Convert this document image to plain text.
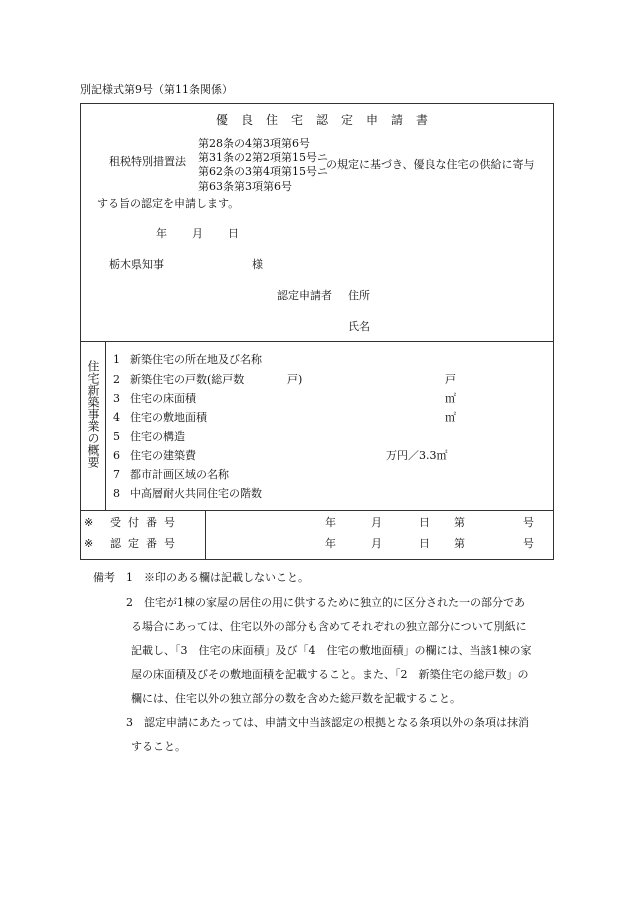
別記様式第9号（第11条関係）
優良住宅認定申請書
租税特別措置法
第28条の4第3項第6号
第31条の2第2項第15号ニ
第62条の3第4項第15号ニ
第63条第3項第6号
の規定に基づき、優良な住宅の供給に寄与
する旨の認定を申請します。
年 月 日
栃木県知事	様
認定申請者 住所
氏名
住宅新築事業の概要
1 新築住宅の所在地及び名称
2 新築住宅の戸数(総戸数	戸)	戸
3 住宅の床面積	㎡
4 住宅の敷地面積	㎡
5 住宅の構造
6 住宅の建築費	万円／3.3㎡
7 都市計画区域の名称
8 中高層耐火共同住宅の階数
※ 受付番号	年	月	日 第	号
※ 認定番号	年	月	日 第	号
備考 1 ※印のある欄は記載しないこと。
2 住宅が1棟の家屋の居住の用に供するために独立的に区分された一の部分であ
る場合にあっては、住宅以外の部分も含めてそれぞれの独立部分について別紙に
記載し、「3　住宅の床面積」及び「4　住宅の敷地面積」の欄には、当該1棟の家
屋の床面積及びその敷地面積を記載すること。また、「2　新築住宅の総戸数」の
欄には、住宅以外の独立部分の数を含めた総戸数を記載すること。
3 認定申請にあたっては、申請文中当該認定の根拠となる条項以外の条項は抹消
すること。
